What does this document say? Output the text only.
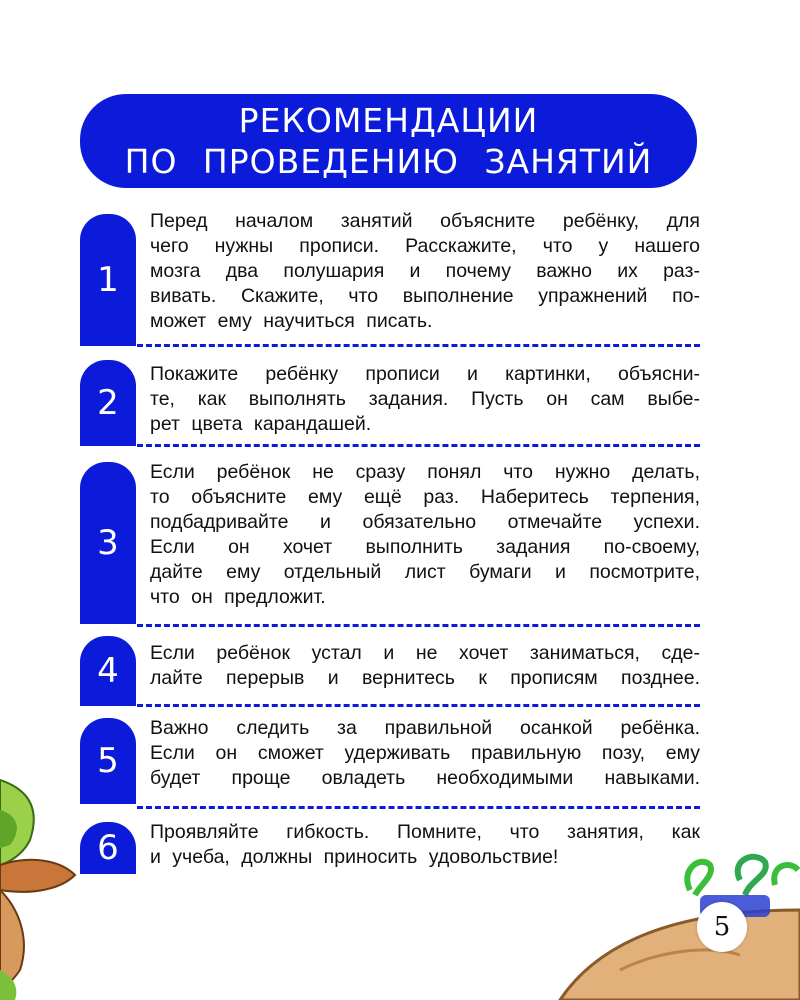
РЕКОМЕНДАЦИИ
ПО ПРОВЕДЕНИЮ ЗАНЯТИЙ
1
Перед началом занятий объясните ребёнку, для
чего нужны прописи. Расскажите, что у нашего
мозга два полушария и почему важно их раз-
вивать. Скажите, что выполнение упражнений по-
может ему научиться писать.
2
Покажите ребёнку прописи и картинки, объясни-
те, как выполнять задания. Пусть он сам выбе-
рет цвета карандашей.
3
Если ребёнок не сразу понял что нужно делать,
то объясните ему ещё раз. Наберитесь терпения,
подбадривайте и обязательно отмечайте успехи.
Если он хочет выполнить задания по-своему,
дайте ему отдельный лист бумаги и посмотрите,
что он предложит.
4	Если ребёнок устал и не хочет заниматься, сде-
лайте перерыв и вернитесь к прописям позднее.
5
Важно следить за правильной осанкой ребёнка.
Если он сможет удерживать правильную позу, ему
будет проще овладеть необходимыми навыками.
6	Проявляйте гибкость. Помните, что занятия, как
и учеба, должны приносить удовольствие!
5
